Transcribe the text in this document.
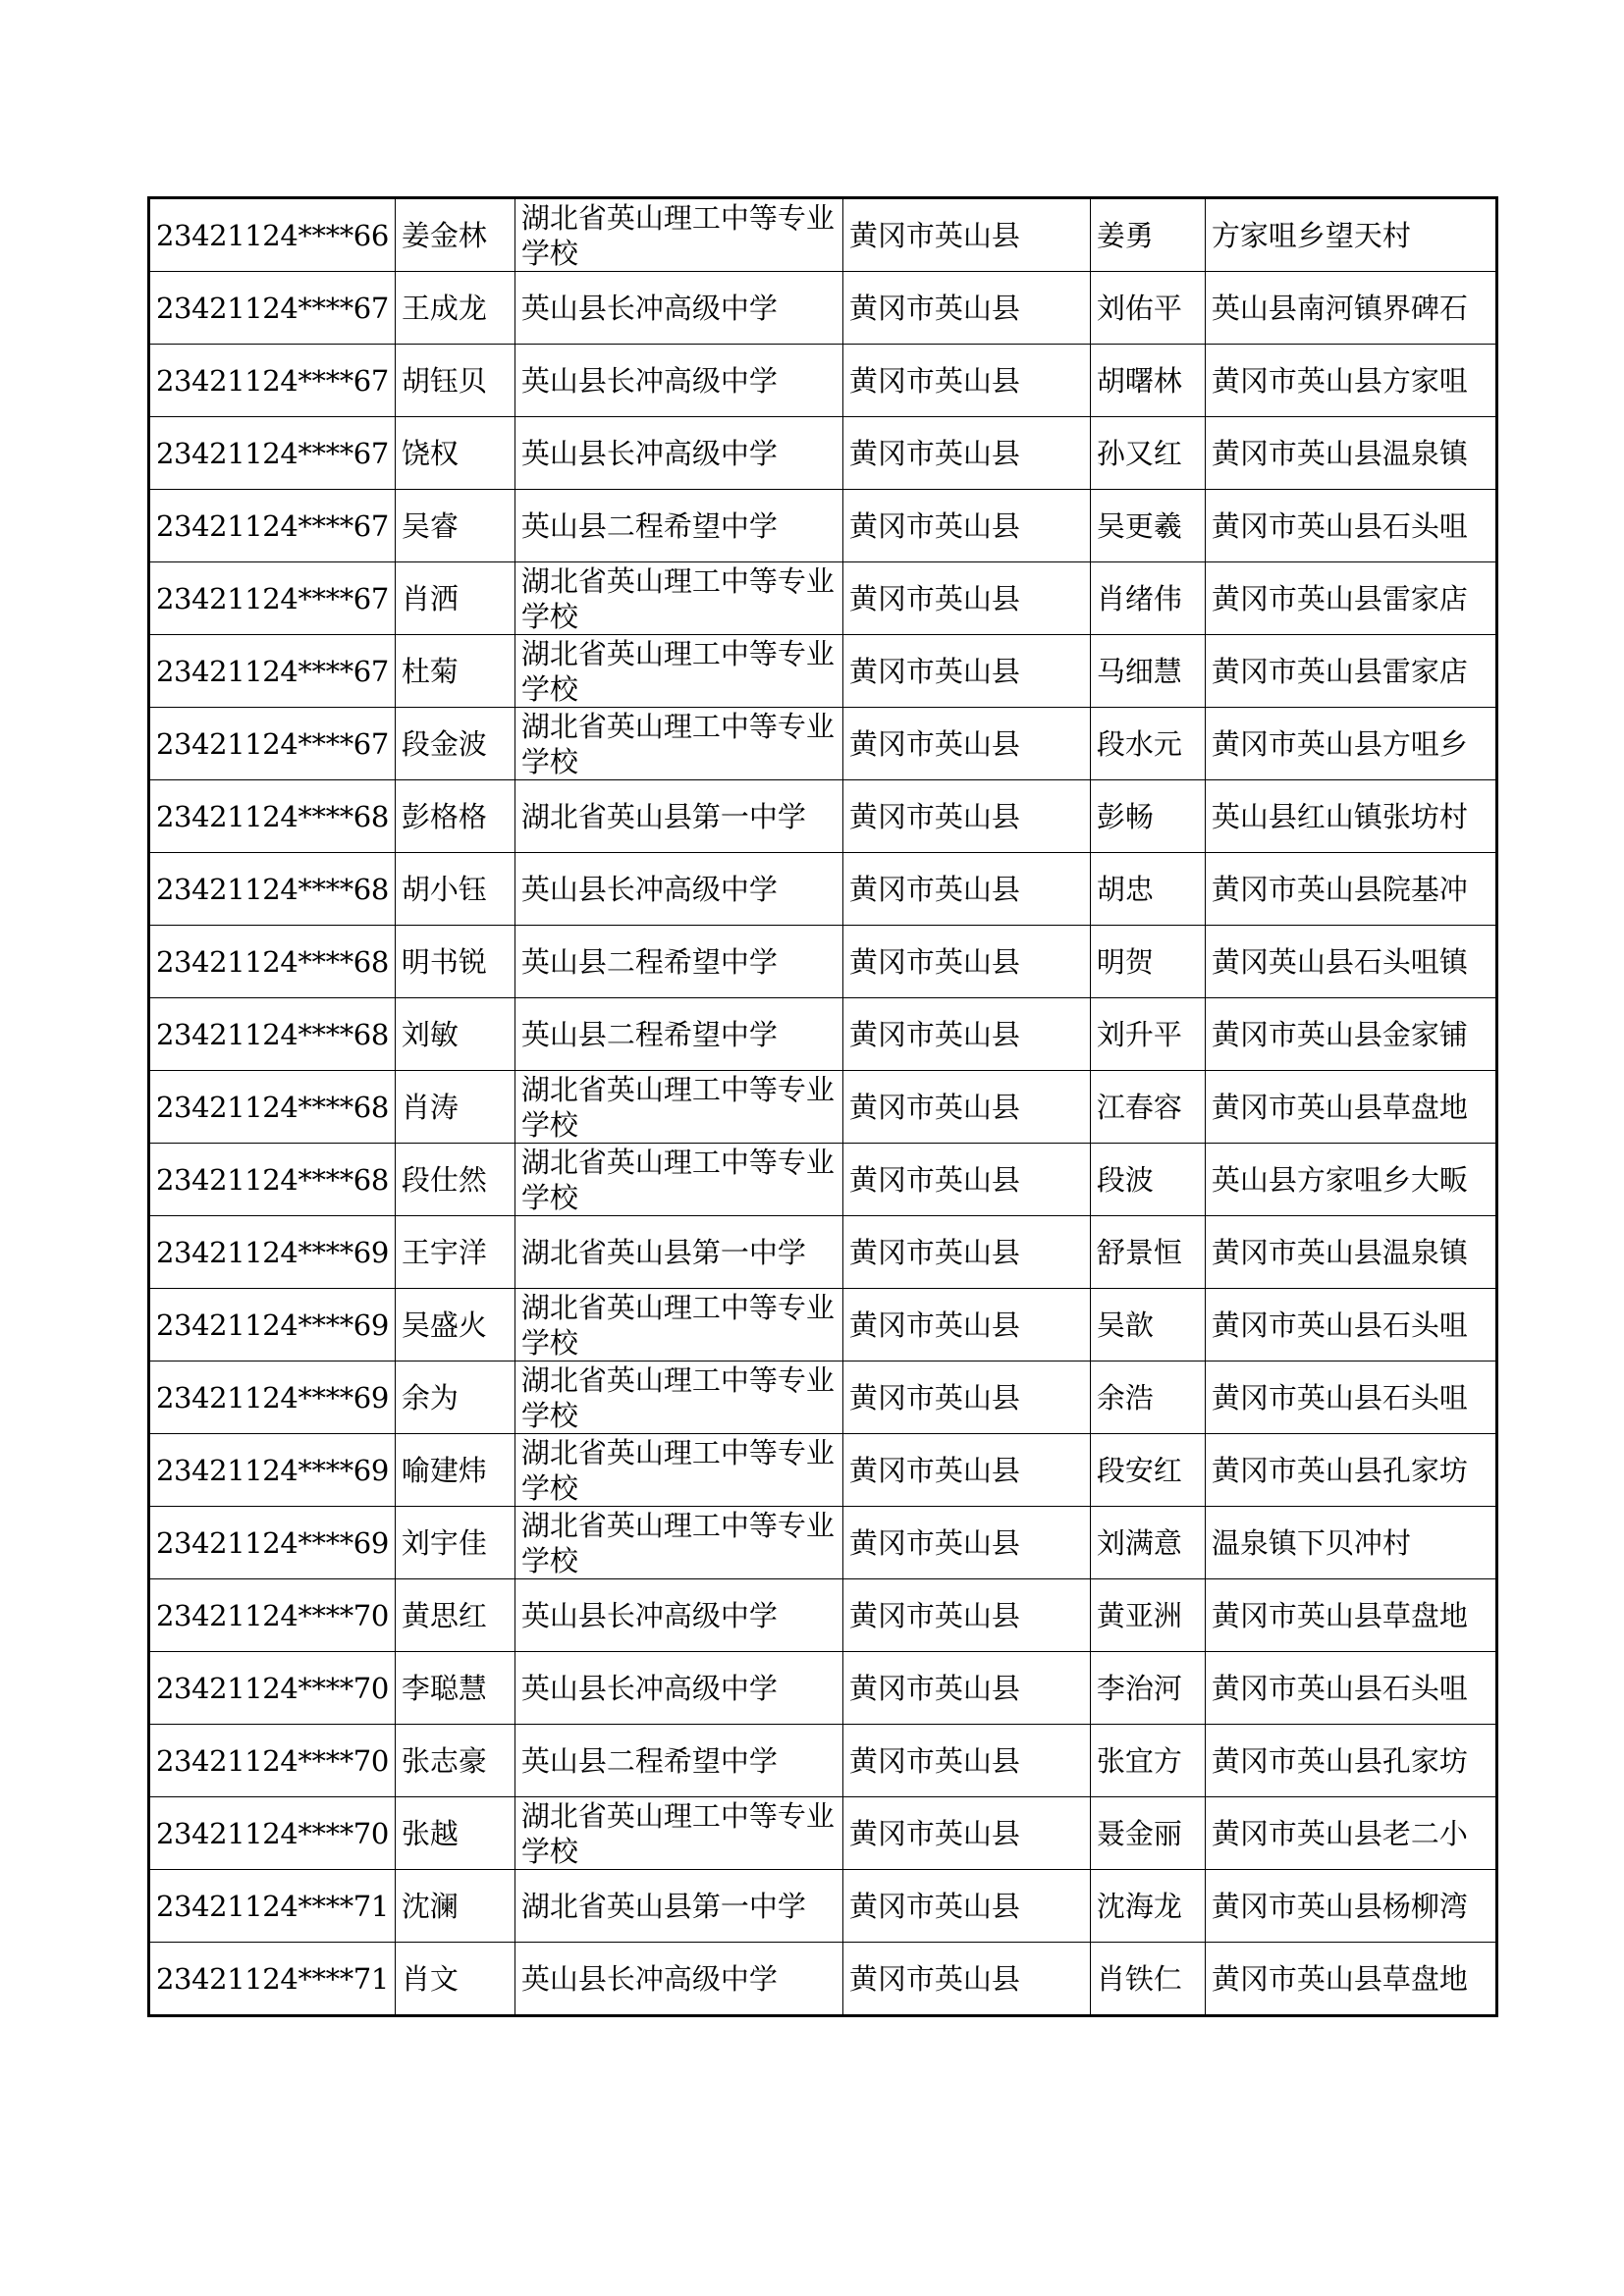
23421124****66	姜金林	湖北省英山理工中等专业学校	黄冈市英山县	姜勇	方家咀乡望天村
23421124****67	王成龙	英山县长冲高级中学	黄冈市英山县	刘佑平	英山县南河镇界碑石
23421124****67	胡钰贝	英山县长冲高级中学	黄冈市英山县	胡曙林	黄冈市英山县方家咀
23421124****67	饶权	英山县长冲高级中学	黄冈市英山县	孙又红	黄冈市英山县温泉镇
23421124****67	吴睿	英山县二程希望中学	黄冈市英山县	吴更羲	黄冈市英山县石头咀
23421124****67	肖洒	湖北省英山理工中等专业学校	黄冈市英山县	肖绪伟	黄冈市英山县雷家店
23421124****67	杜菊	湖北省英山理工中等专业学校	黄冈市英山县	马细慧	黄冈市英山县雷家店
23421124****67	段金波	湖北省英山理工中等专业学校	黄冈市英山县	段水元	黄冈市英山县方咀乡
23421124****68	彭格格	湖北省英山县第一中学	黄冈市英山县	彭畅	英山县红山镇张坊村
23421124****68	胡小钰	英山县长冲高级中学	黄冈市英山县	胡忠	黄冈市英山县院基冲
23421124****68	明书锐	英山县二程希望中学	黄冈市英山县	明贺	黄冈英山县石头咀镇
23421124****68	刘敏	英山县二程希望中学	黄冈市英山县	刘升平	黄冈市英山县金家铺
23421124****68	肖涛	湖北省英山理工中等专业学校	黄冈市英山县	江春容	黄冈市英山县草盘地
23421124****68	段仕然	湖北省英山理工中等专业学校	黄冈市英山县	段波	英山县方家咀乡大畈
23421124****69	王宇洋	湖北省英山县第一中学	黄冈市英山县	舒景恒	黄冈市英山县温泉镇
23421124****69	吴盛火	湖北省英山理工中等专业学校	黄冈市英山县	吴歆	黄冈市英山县石头咀
23421124****69	余为	湖北省英山理工中等专业学校	黄冈市英山县	余浩	黄冈市英山县石头咀
23421124****69	喻建炜	湖北省英山理工中等专业学校	黄冈市英山县	段安红	黄冈市英山县孔家坊
23421124****69	刘宇佳	湖北省英山理工中等专业学校	黄冈市英山县	刘满意	温泉镇下贝冲村
23421124****70	黄思红	英山县长冲高级中学	黄冈市英山县	黄亚洲	黄冈市英山县草盘地
23421124****70	李聪慧	英山县长冲高级中学	黄冈市英山县	李治河	黄冈市英山县石头咀
23421124****70	张志豪	英山县二程希望中学	黄冈市英山县	张宜方	黄冈市英山县孔家坊
23421124****70	张越	湖北省英山理工中等专业学校	黄冈市英山县	聂金丽	黄冈市英山县老二小
23421124****71	沈澜	湖北省英山县第一中学	黄冈市英山县	沈海龙	黄冈市英山县杨柳湾
23421124****71	肖文	英山县长冲高级中学	黄冈市英山县	肖铁仁	黄冈市英山县草盘地
